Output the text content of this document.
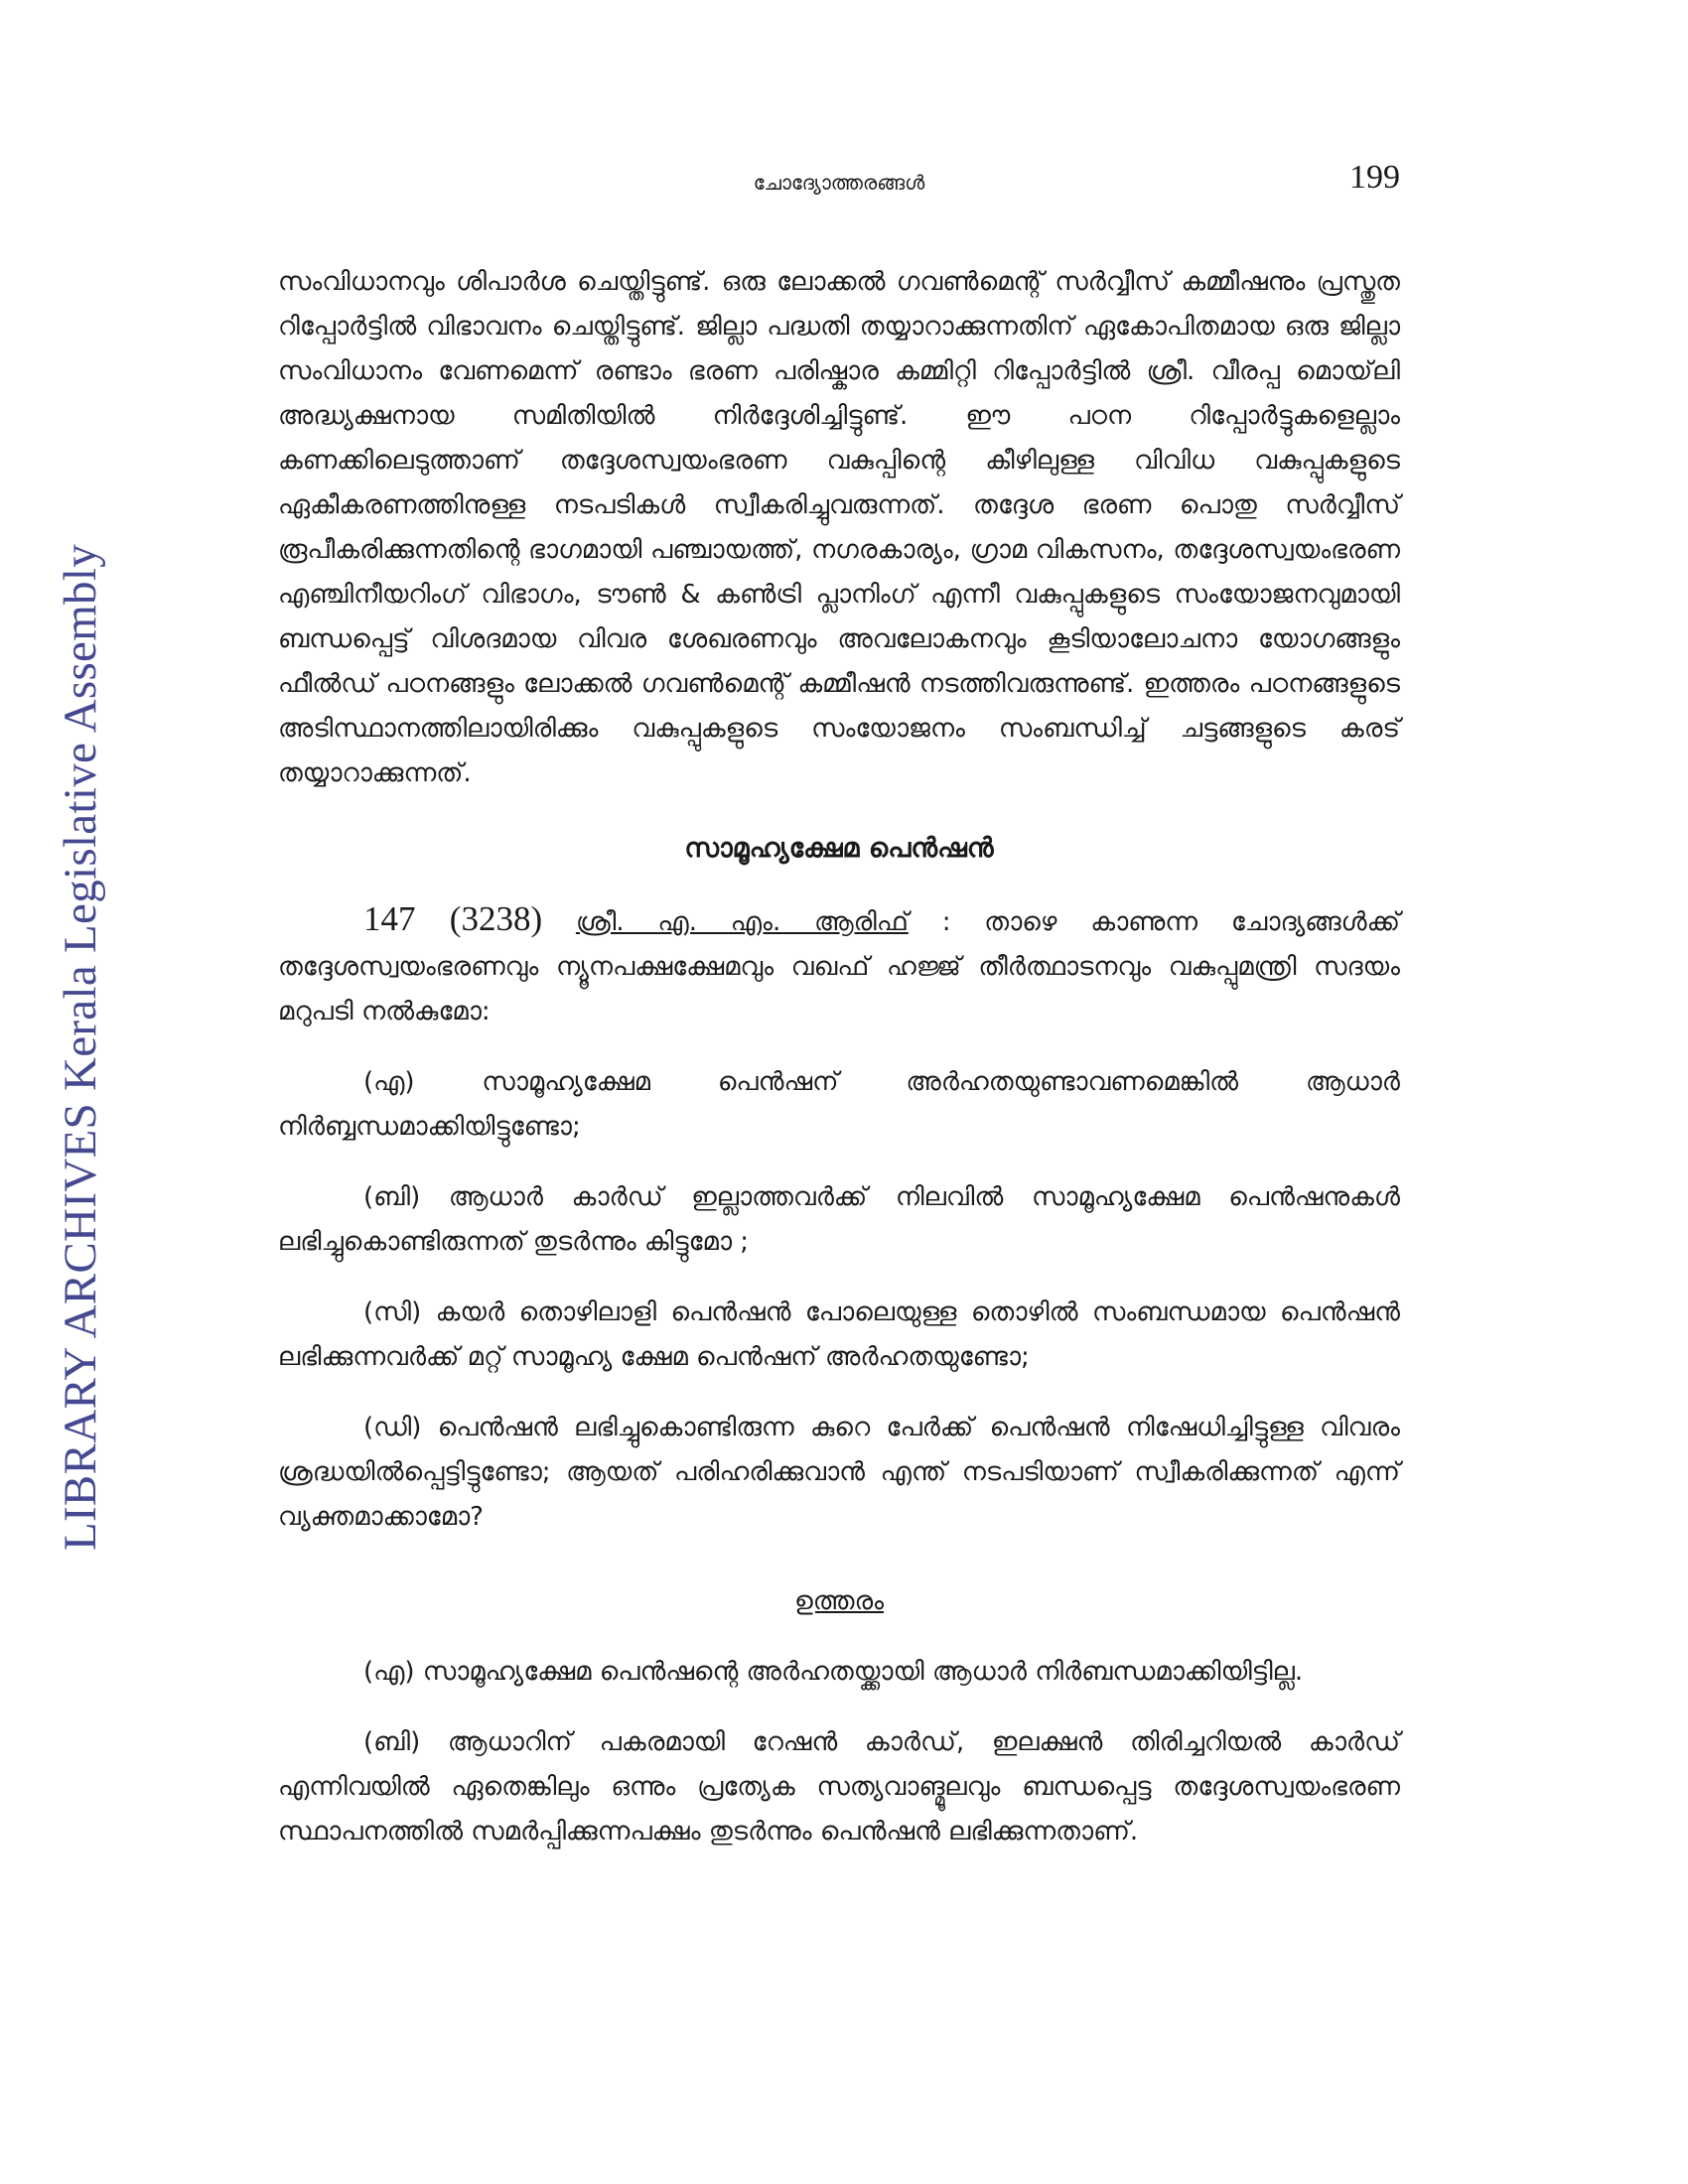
LIBRARY ARCHIVES Kerala Legislative Assembly
ചോദ്യോത്തരങ്ങൾ	199

സംവിധാനവും ശിപാർശ ചെയ്തിട്ടുണ്ട്. ഒരു ലോക്കൽ ഗവൺമെന്റ് സർവ്വീസ് കമ്മീഷനും പ്രസ്തുത റിപ്പോർട്ടിൽ വിഭാവനം ചെയ്തിട്ടുണ്ട്. ജില്ലാ പദ്ധതി തയ്യാറാക്കുന്നതിന് ഏകോപിതമായ ഒരു ജില്ലാ സംവിധാനം വേണമെന്ന് രണ്ടാം ഭരണ പരിഷ്കാര കമ്മിറ്റി റിപ്പോർട്ടിൽ ശ്രീ. വീരപ്പ മൊയ്‌ലി അദ്ധ്യക്ഷനായ സമിതിയിൽ നിർദ്ദേശിച്ചിട്ടുണ്ട്. ഈ പഠന റിപ്പോർട്ടുകളെല്ലാം കണക്കിലെടുത്താണ് തദ്ദേശസ്വയംഭരണ വകുപ്പിന്റെ കീഴിലുള്ള വിവിധ വകുപ്പുകളുടെ ഏകീകരണത്തിനുള്ള നടപടികൾ സ്വീകരിച്ചുവരുന്നത്. തദ്ദേശ ഭരണ പൊതു സർവ്വീസ് രൂപീകരിക്കുന്നതിന്റെ ഭാഗമായി പഞ്ചായത്ത്, നഗരകാര്യം, ഗ്രാമ വികസനം, തദ്ദേശസ്വയംഭരണ എഞ്ചിനീയറിംഗ് വിഭാഗം, ടൗൺ & കൺട്രി പ്ലാനിംഗ് എന്നീ വകുപ്പുകളുടെ സംയോജനവുമായി ബന്ധപ്പെട്ട് വിശദമായ വിവര ശേഖരണവും അവലോകനവും കൂടിയാലോചനാ യോഗങ്ങളും ഫീൽഡ് പഠനങ്ങളും ലോക്കൽ ഗവൺമെന്റ് കമ്മീഷൻ നടത്തിവരുന്നുണ്ട്. ഇത്തരം പഠനങ്ങളുടെ അടിസ്ഥാനത്തിലായിരിക്കും വകുപ്പുകളുടെ സംയോജനം സംബന്ധിച്ച് ചട്ടങ്ങളുടെ കരട് തയ്യാറാക്കുന്നത്.

സാമൂഹ്യക്ഷേമ പെൻഷൻ

147 (3238) ശ്രീ. എ. എം. ആരിഫ് : താഴെ കാണുന്ന ചോദ്യങ്ങൾക്ക് തദ്ദേശസ്വയംഭരണവും ന്യൂനപക്ഷക്ഷേമവും വഖഫ് ഹജ്ജ് തീർത്ഥാടനവും വകുപ്പുമന്ത്രി സദയം മറുപടി നൽകുമോ:

(എ) സാമൂഹ്യക്ഷേമ പെൻഷന് അർഹതയുണ്ടാവണമെങ്കിൽ ആധാർ നിർബ്ബന്ധമാക്കിയിട്ടുണ്ടോ;

(ബി) ആധാർ കാർഡ് ഇല്ലാത്തവർക്ക് നിലവിൽ സാമൂഹ്യക്ഷേമ പെൻഷനുകൾ ലഭിച്ചുകൊണ്ടിരുന്നത് തുടർന്നും കിട്ടുമോ ;

(സി) കയർ തൊഴിലാളി പെൻഷൻ പോലെയുള്ള തൊഴിൽ സംബന്ധമായ പെൻഷൻ ലഭിക്കുന്നവർക്ക് മറ്റ് സാമൂഹ്യ ക്ഷേമ പെൻഷന് അർഹതയുണ്ടോ;

(ഡി) പെൻഷൻ ലഭിച്ചുകൊണ്ടിരുന്ന കുറെ പേർക്ക് പെൻഷൻ നിഷേധിച്ചിട്ടുള്ള വിവരം ശ്രദ്ധയിൽപ്പെട്ടിട്ടുണ്ടോ; ആയത് പരിഹരിക്കുവാൻ എന്ത് നടപടിയാണ് സ്വീകരിക്കുന്നത് എന്ന് വ്യക്തമാക്കാമോ?

ഉത്തരം

(എ) സാമൂഹ്യക്ഷേമ പെൻഷന്റെ അർഹതയ്ക്കായി ആധാർ നിർബന്ധമാക്കിയിട്ടില്ല.

(ബി) ആധാറിന് പകരമായി റേഷൻ കാർഡ്, ഇലക്ഷൻ തിരിച്ചറിയൽ കാർഡ് എന്നിവയിൽ ഏതെങ്കിലും ഒന്നും പ്രത്യേക സത്യവാങ്മൂലവും ബന്ധപ്പെട്ട തദ്ദേശസ്വയംഭരണ സ്ഥാപനത്തിൽ സമർപ്പിക്കുന്നപക്ഷം തുടർന്നും പെൻഷൻ ലഭിക്കുന്നതാണ്.
